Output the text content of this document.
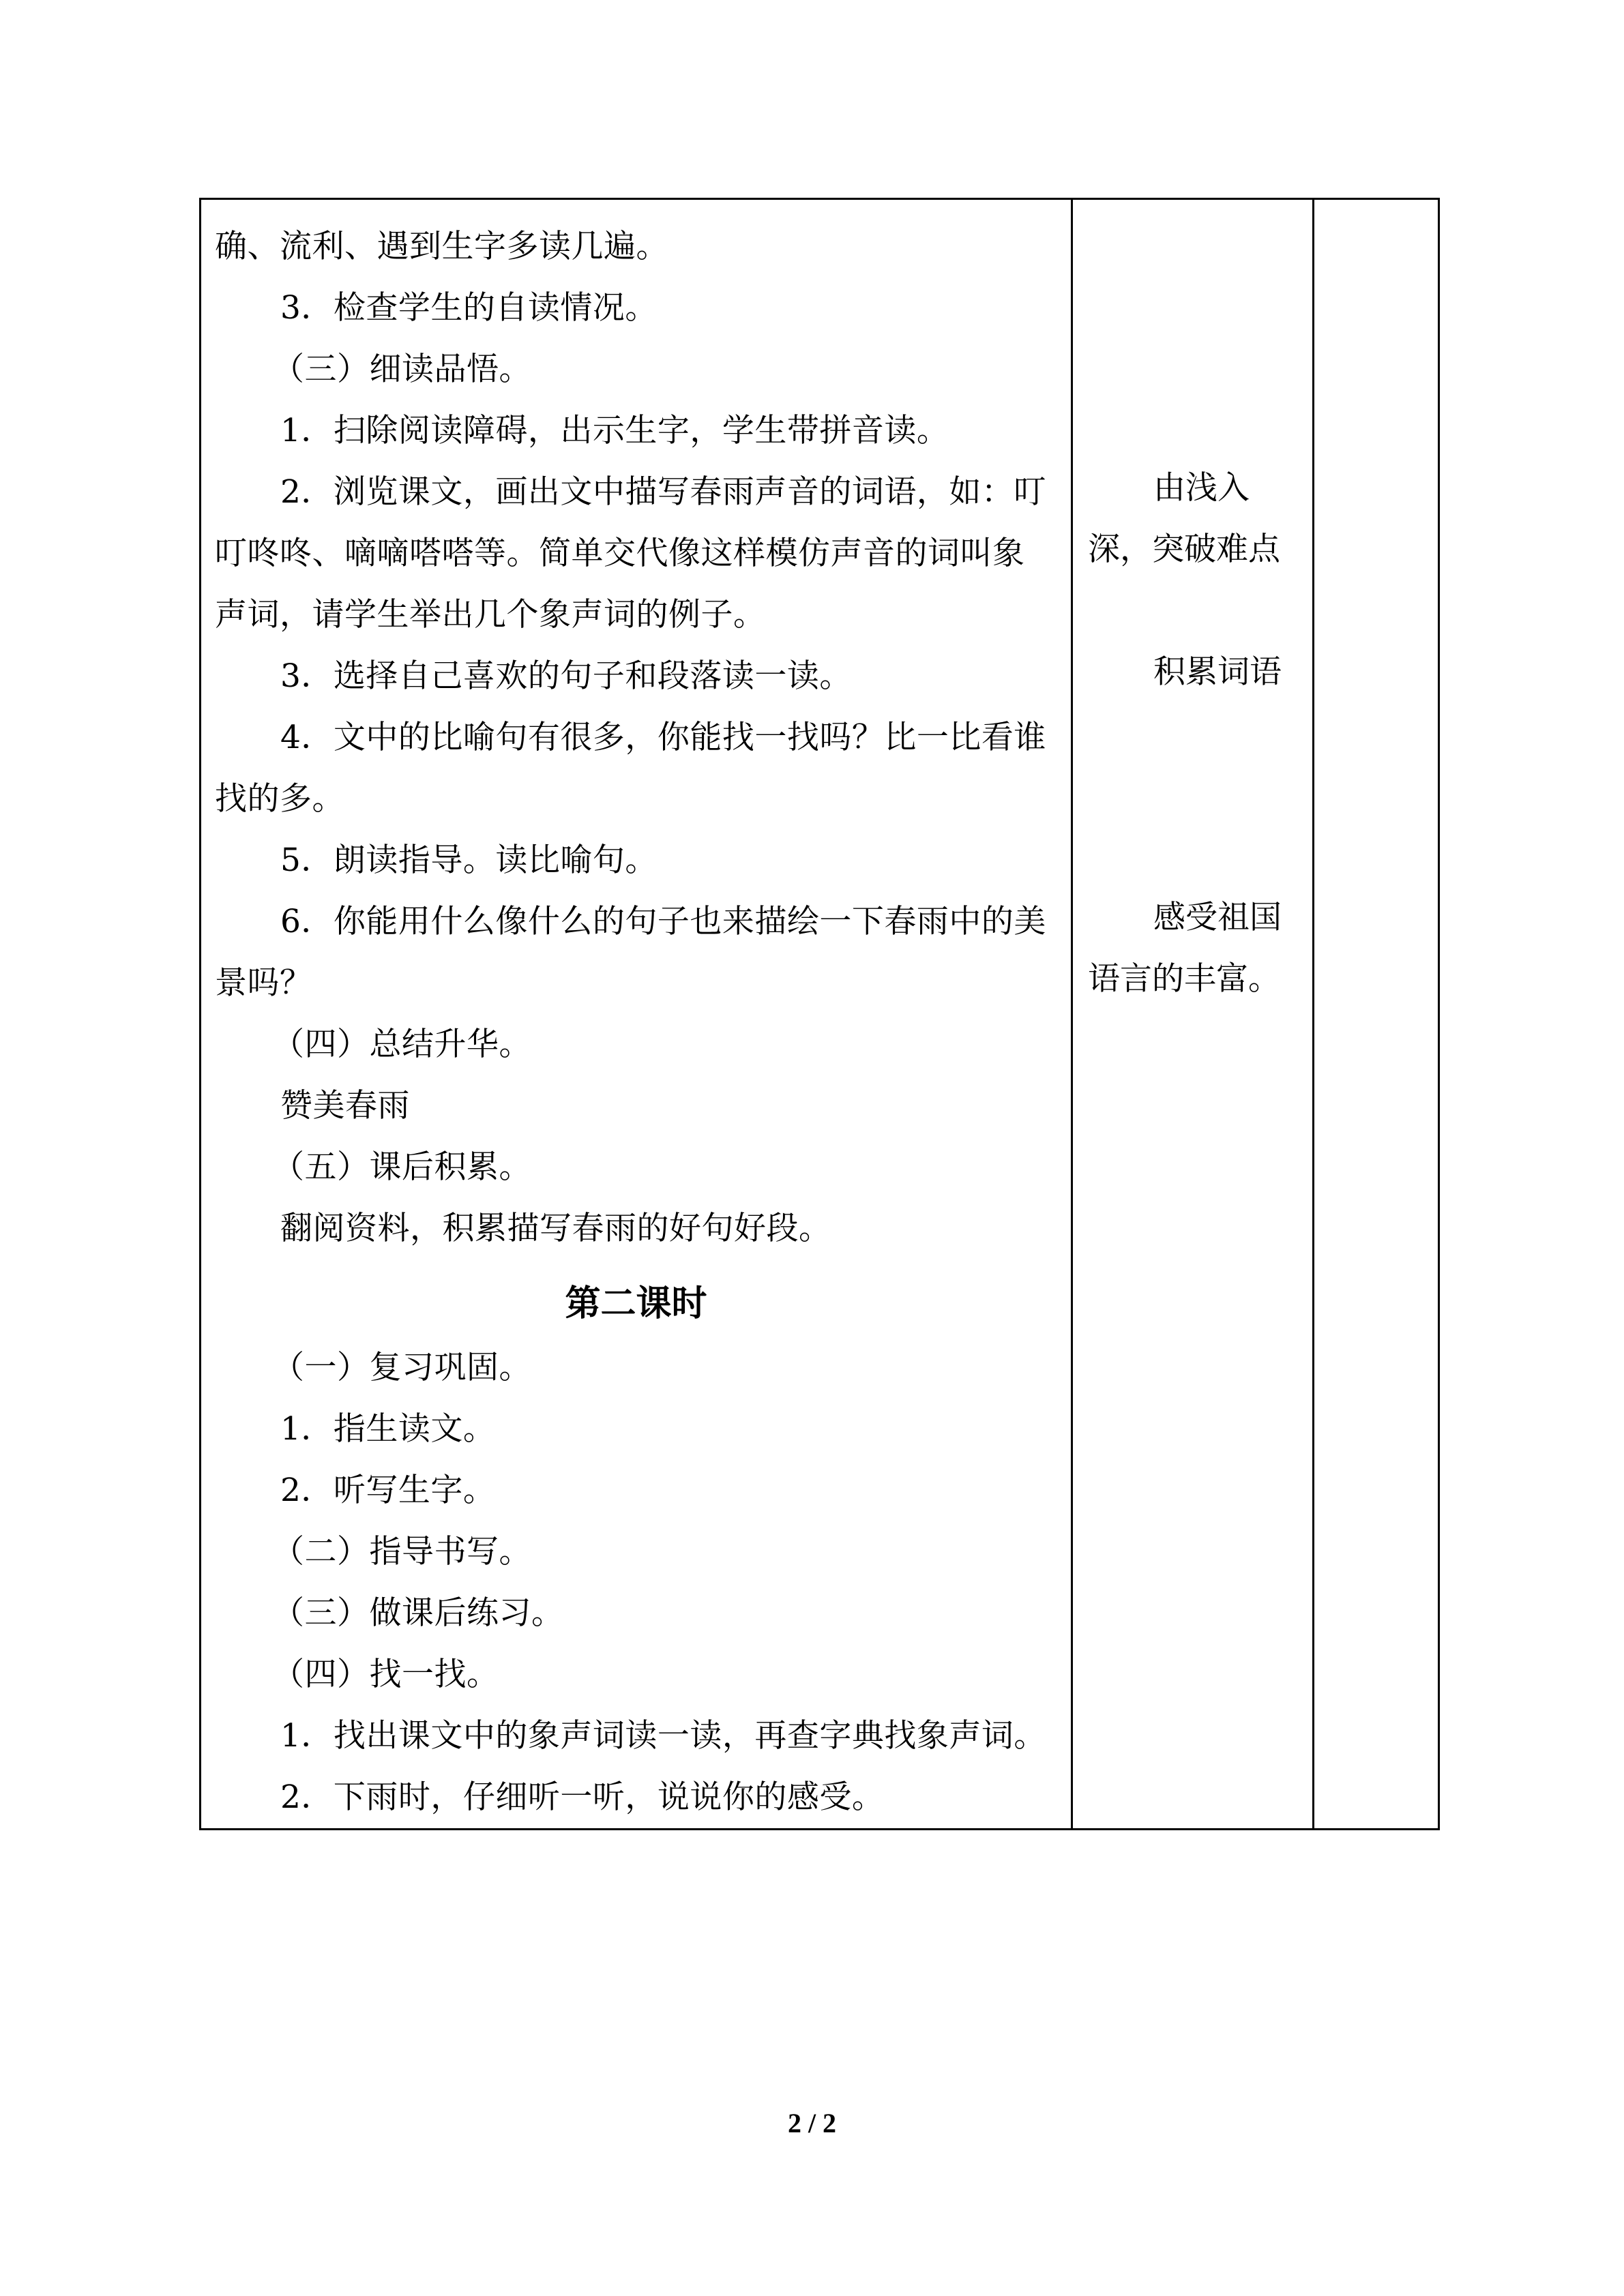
确、流利、遇到生字多读几遍。
3．检查学生的自读情况。
（三）细读品悟。
1．扫除阅读障碍，出示生字，学生带拼音读。
2．浏览课文，画出文中描写春雨声音的词语，如：叮
叮咚咚、嘀嘀嗒嗒等。简单交代像这样模仿声音的词叫象
声词，请学生举出几个象声词的例子。
3．选择自己喜欢的句子和段落读一读。
4．文中的比喻句有很多，你能找一找吗？比一比看谁
找的多。
5．朗读指导。读比喻句。
6．你能用什么像什么的句子也来描绘一下春雨中的美
景吗？
（四）总结升华。
赞美春雨
（五）课后积累。
翻阅资料，积累描写春雨的好句好段。
第二课时
（一）复习巩固。
1．指生读文。
2．听写生字。
（二）指导书写。
（三）做课后练习。
（四）找一找。
1．找出课文中的象声词读一读，再查字典找象声词。
2．下雨时，仔细听一听，说说你的感受。

由浅入
深，突破难点
积累词语
感受祖国
语言的丰富。

2 / 2
